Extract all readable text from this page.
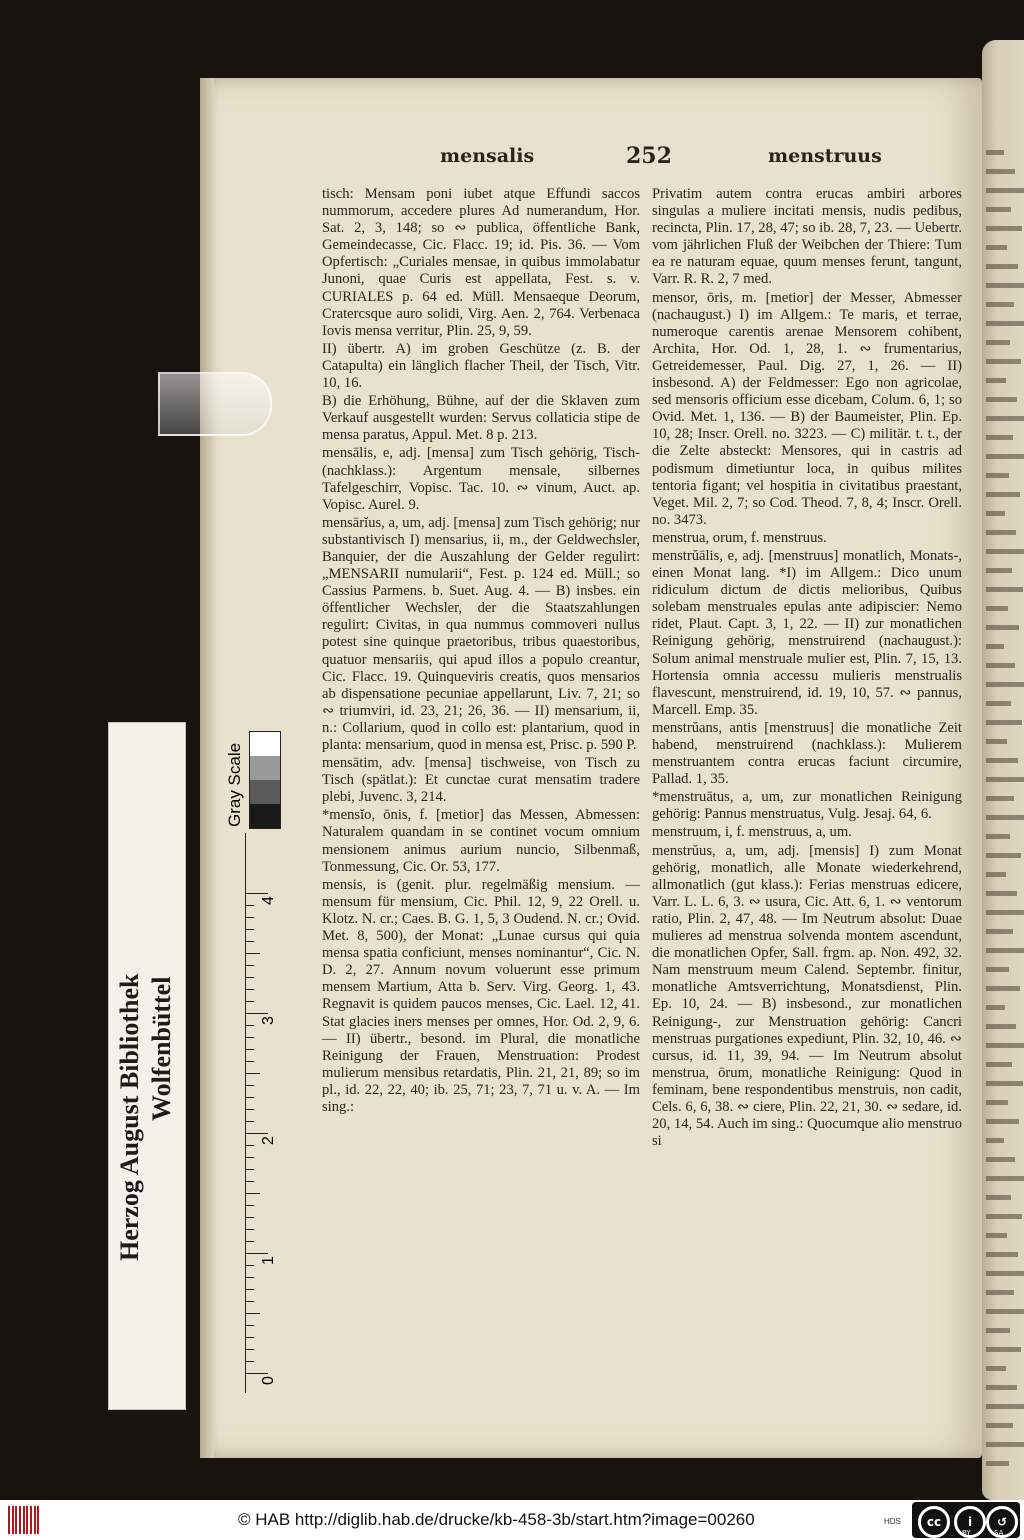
mensalis	252	menstruus

tisch: Mensam poni iubet atque Effundi saccos nummorum, accedere plures Ad numerandum, Hor. Sat. 2, 3, 148; so ∾ publica, öffentliche Bank, Gemeindecasse, Cic. Flacc. 19; id. Pis. 36. — Vom Opfertisch: „Curiales mensae, in quibus immolabatur Junoni, quae Curis est appellata, Fest. s. v. CURIALES p. 64 ed. Müll. Mensaeque Deorum, Cratercsque auro solidi, Virg. Aen. 2, 764. Verbenaca Iovis mensa verritur, Plin. 25, 9, 59.

II) übertr. A) im groben Geschütze (z. B. der Catapulta) ein länglich flacher Theil, der Tisch, Vitr. 10, 16.

B) die Erhöhung, Bühne, auf der die Sklaven zum Verkauf ausgestellt wurden: Servus collaticia stipe de mensa paratus, Appul. Met. 8 p. 213.

mensālis, e, adj. [mensa] zum Tisch gehörig, Tisch- (nachklass.): Argentum mensale, silbernes Tafelgeschirr, Vopisc. Tac. 10. ∾ vinum, Auct. ap. Vopisc. Aurel. 9.

mensārĭus, a, um, adj. [mensa] zum Tisch gehörig; nur substantivisch I) mensarius, ii, m., der Geldwechsler, Banquier, der die Auszahlung der Gelder regulirt: „MENSARII numularii“, Fest. p. 124 ed. Müll.; so Cassius Parmens. b. Suet. Aug. 4. — B) insbes. ein öffentlicher Wechsler, der die Staatszahlungen regulirt: Civitas, in qua nummus commoveri nullus potest sine quinque praetoribus, tribus quaestoribus, quatuor mensariis, qui apud illos a populo creantur, Cic. Flacc. 19. Quinqueviris creatis, quos mensarios ab dispensatione pecuniae appellarunt, Liv. 7, 21; so ∾ triumviri, id. 23, 21; 26, 36. — II) mensarium, ii, n.: Collarium, quod in collo est: plantarium, quod in planta: mensarium, quod in mensa est, Prisc. p. 590 P.

mensātim, adv. [mensa] tischweise, von Tisch zu Tisch (spätlat.): Et cunctae curat mensatim tradere plebi, Juvenc. 3, 214.

*mensĭo, ōnis, f. [metior] das Messen, Abmessen: Naturalem quandam in se continet vocum omnium mensionem animus aurium nuncio, Silbenmaß, Tonmessung, Cic. Or. 53, 177.

mensis, is (genit. plur. regelmäßig mensium. — mensum für mensium, Cic. Phil. 12, 9, 22 Orell. u. Klotz. N. cr.; Caes. B. G. 1, 5, 3 Oudend. N. cr.; Ovid. Met. 8, 500), der Monat: „Lunae cursus qui quia mensa spatia conficiunt, menses nominantur“, Cic. N. D. 2, 27. Annum novum voluerunt esse primum mensem Martium, Atta b. Serv. Virg. Georg. 1, 43. Regnavit is quidem paucos menses, Cic. Lael. 12, 41. Stat glacies iners menses per omnes, Hor. Od. 2, 9, 6. — II) übertr., besond. im Plural, die monatliche Reinigung der Frauen, Menstruation: Prodest mulierum mensibus retardatis, Plin. 21, 21, 89; so im pl., id. 22, 22, 40; ib. 25, 71; 23, 7, 71 u. v. A. — Im sing.:

Privatim autem contra erucas ambiri arbores singulas a muliere incitati mensis, nudis pedibus, recincta, Plin. 17, 28, 47; so ib. 28, 7, 23. — Uebertr. vom jährlichen Fluß der Weibchen der Thiere: Tum ea re naturam equae, quum menses ferunt, tangunt, Varr. R. R. 2, 7 med.

mensor, ōris, m. [metior] der Messer, Abmesser (nachaugust.) I) im Allgem.: Te maris, et terrae, numeroque carentis arenae Mensorem cohibent, Archita, Hor. Od. 1, 28, 1. ∾ frumentarius, Getreidemesser, Paul. Dig. 27, 1, 26. — II) insbesond. A) der Feldmesser: Ego non agricolae, sed mensoris officium esse dicebam, Colum. 6, 1; so Ovid. Met. 1, 136. — B) der Baumeister, Plin. Ep. 10, 28; Inscr. Orell. no. 3223. — C) militär. t. t., der die Zelte absteckt: Mensores, qui in castris ad podismum dimetiuntur loca, in quibus milites tentoria figant; vel hospitia in civitatibus praestant, Veget. Mil. 2, 7; so Cod. Theod. 7, 8, 4; Inscr. Orell. no. 3473.

menstrua, orum, f. menstruus.

menstrŭālis, e, adj. [menstruus] monatlich, Monats-, einen Monat lang. *I) im Allgem.: Dico unum ridiculum dictum de dictis melioribus, Quibus solebam menstruales epulas ante adipiscier: Nemo ridet, Plaut. Capt. 3, 1, 22. — II) zur monatlichen Reinigung gehörig, menstruirend (nachaugust.): Solum animal menstruale mulier est, Plin. 7, 15, 13. Hortensia omnia accessu mulieris menstrualis flavescunt, menstruirend, id. 19, 10, 57. ∾ pannus, Marcell. Emp. 35.

menstrŭans, antis [menstruus] die monatliche Zeit habend, menstruirend (nachklass.): Mulierem menstruantem contra erucas faciunt circumire, Pallad. 1, 35.

*menstruātus, a, um, zur monatlichen Reinigung gehörig: Pannus menstruatus, Vulg. Jesaj. 64, 6.

menstruum, i, f. menstruus, a, um.

menstrŭus, a, um, adj. [mensis] I) zum Monat gehörig, monatlich, alle Monate wiederkehrend, allmonatlich (gut klass.): Ferias menstruas edicere, Varr. L. L. 6, 3. ∾ usura, Cic. Att. 6, 1. ∾ ventorum ratio, Plin. 2, 47, 48. — Im Neutrum absolut: Duae mulieres ad menstrua solvenda montem ascendunt, die monatlichen Opfer, Sall. frgm. ap. Non. 492, 32. Nam menstruum meum Calend. Septembr. finitur, monatliche Amtsverrichtung, Monatsdienst, Plin. Ep. 10, 24. — B) insbesond., zur monatlichen Reinigung-, zur Menstruation gehörig: Cancri menstruas purgationes expediunt, Plin. 32, 10, 46. ∾ cursus, id. 11, 39, 94. — Im Neutrum absolut menstrua, ōrum, monatliche Reinigung: Quod in feminam, bene respondentibus menstruis, non cadit, Cels. 6, 6, 38. ∾ ciere, Plin. 22, 21, 30. ∾ sedare, id. 20, 14, 54. Auch im sing.: Quocumque alio menstruo si

Herzog August Bibliothek Wolfenbüttel
Gray Scale
0
1
2
3
4
© HAB http://diglib.hab.de/drucke/kb-458-3b/start.htm?image=00260	HDS	cc	i	↺
BY	SA
